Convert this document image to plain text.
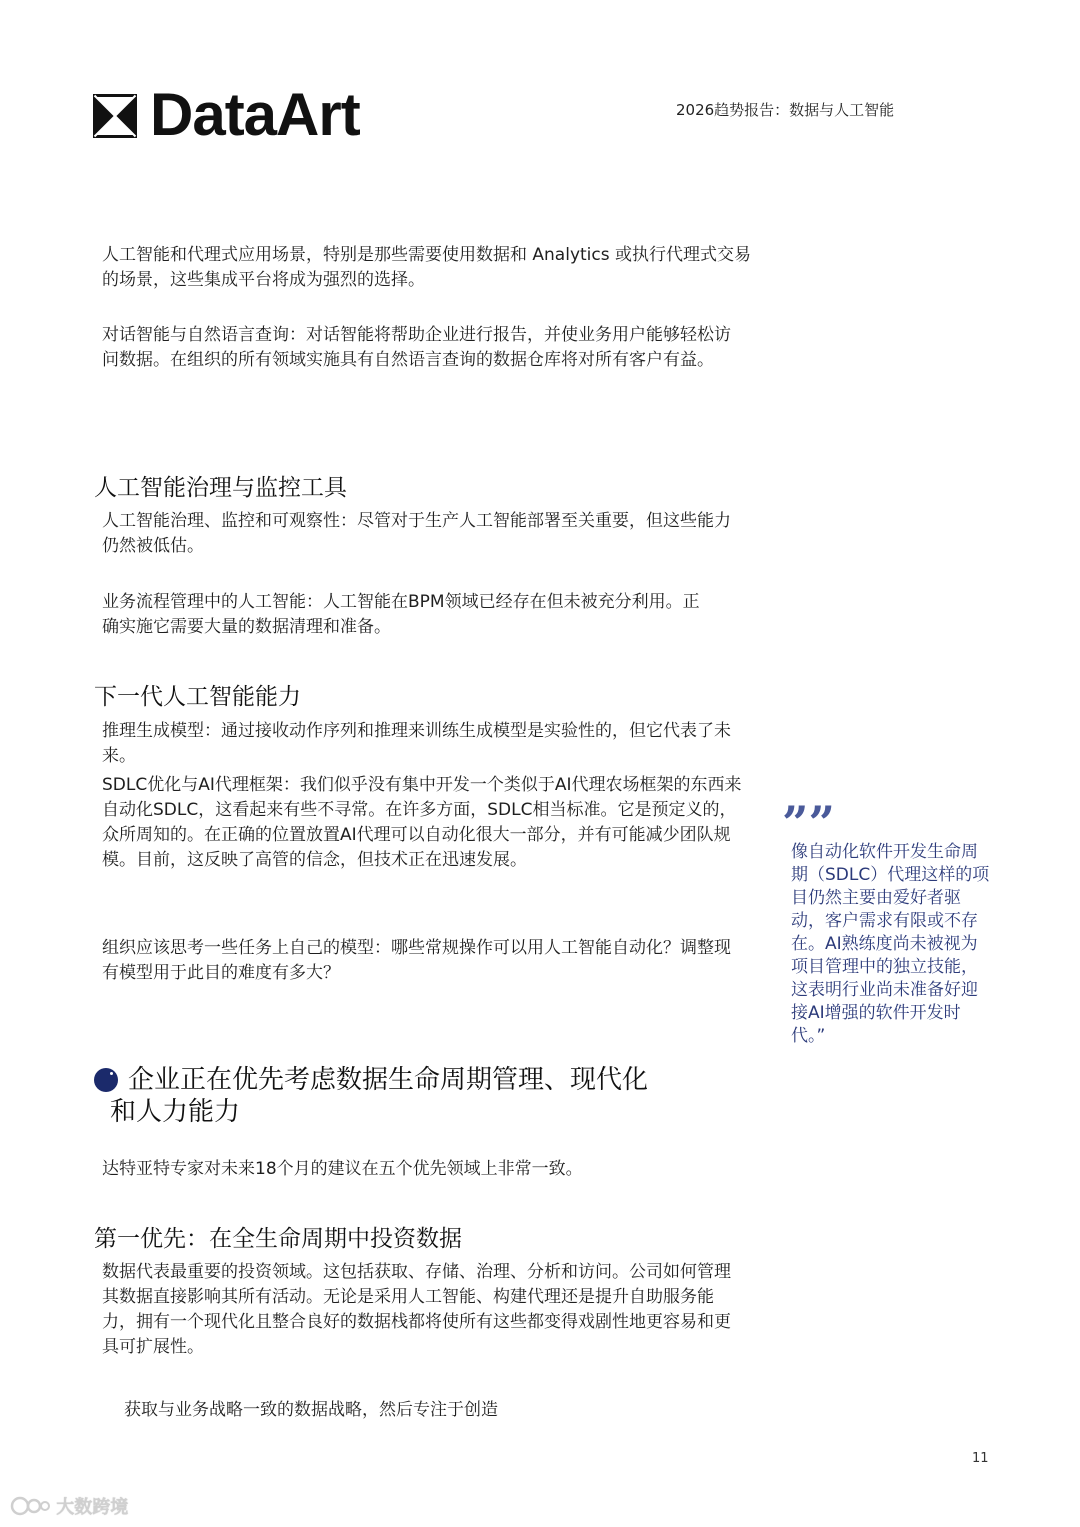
DataArt	2026趋势报告：数据与人工智能
人工智能和代理式应用场景，特别是那些需要使用数据和 Analytics 或执行代理式交易的场景，这些集成平台将成为强烈的选择。
对话智能与自然语言查询：对话智能将帮助企业进行报告，并使业务用户能够轻松访问数据。在组织的所有领域实施具有自然语言查询的数据仓库将对所有客户有益。
人工智能治理与监控工具
人工智能治理、监控和可观察性：尽管对于生产人工智能部署至关重要，但这些能力仍然被低估。
业务流程管理中的人工智能：人工智能在BPM领域已经存在但未被充分利用。正确实施它需要大量的数据清理和准备。
下一代人工智能能力
推理生成模型：通过接收动作序列和推理来训练生成模型是实验性的，但它代表了未来。
SDLC优化与AI代理框架：我们似乎没有集中开发一个类似于AI代理农场框架的东西来自动化SDLC，这看起来有些不寻常。在许多方面，SDLC相当标准。它是预定义的，众所周知的。在正确的位置放置AI代理可以自动化很大一部分，并有可能减少团队规模。目前，这反映了高管的信念，但技术正在迅速发展。
组织应该思考一些任务上自己的模型：哪些常规操作可以用人工智能自动化？调整现有模型用于此目的难度有多大？
企业正在优先考虑数据生命周期管理、现代化
和人力能力
达特亚特专家对未来18个月的建议在五个优先领域上非常一致。
第一优先：在全生命周期中投资数据
数据代表最重要的投资领域。这包括获取、存储、治理、分析和访问。公司如何管理其数据直接影响其所有活动。无论是采用人工智能、构建代理还是提升自助服务能力，拥有一个现代化且整合良好的数据栈都将使所有这些都变得戏剧性地更容易和更具可扩展性。
获取与业务战略一致的数据战略，然后专注于创造
””
像自动化软件开发生命周期（SDLC）代理这样的项目仍然主要由爱好者驱动，客户需求有限或不存在。AI熟练度尚未被视为项目管理中的独立技能，这表明行业尚未准备好迎接AI增强的软件开发时代。”
11
大数跨境
